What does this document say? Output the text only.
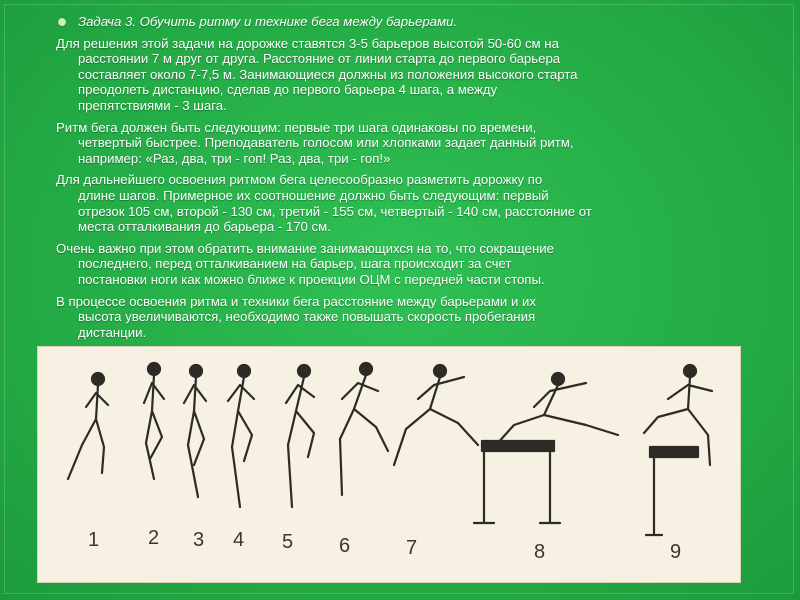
Задача 3. Обучить ритму и технике бега между барьерами.
Для решения этой задачи на дорожке ставятся 3-5 барьеров высотой 50-60 см на
расстоянии 7 м друг от друга. Расстояние от линии старта до первого барьера
составляет около 7-7,5 м. Занимающиеся должны из положения высокого старта
преодолеть дистанцию, сделав до первого барьера 4 шага, а между
препятствиями - 3 шага.
Ритм бега должен быть следующим: первые три шага одинаковы по времени,
четвертый быстрее. Преподаватель голосом или хлопками задает данный ритм,
например: «Раз, два, три - гоп! Раз, два, три - гоп!»
Для дальнейшего освоения ритмом бега целесообразно разметить дорожку по
длине шагов. Примерное их соотношение должно быть следующим: первый
отрезок 105 см, второй - 130 см, третий - 155 см, четвертый - 140 см, расстояние от
места отталкивания до барьера - 170 см.
Очень важно при этом обратить внимание занимающихся на то, что сокращение
последнего, перед отталкиванием на барьер, шага происходит за счет
постановки ноги как можно ближе к проекции ОЦМ с передней части стопы.
В процессе освоения ритма и техники бега расстояние между барьерами и их
высота увеличиваются, необходимо также повышать скорость пробегания
дистанции.
1 2 3 4 5 6	7	8	9
